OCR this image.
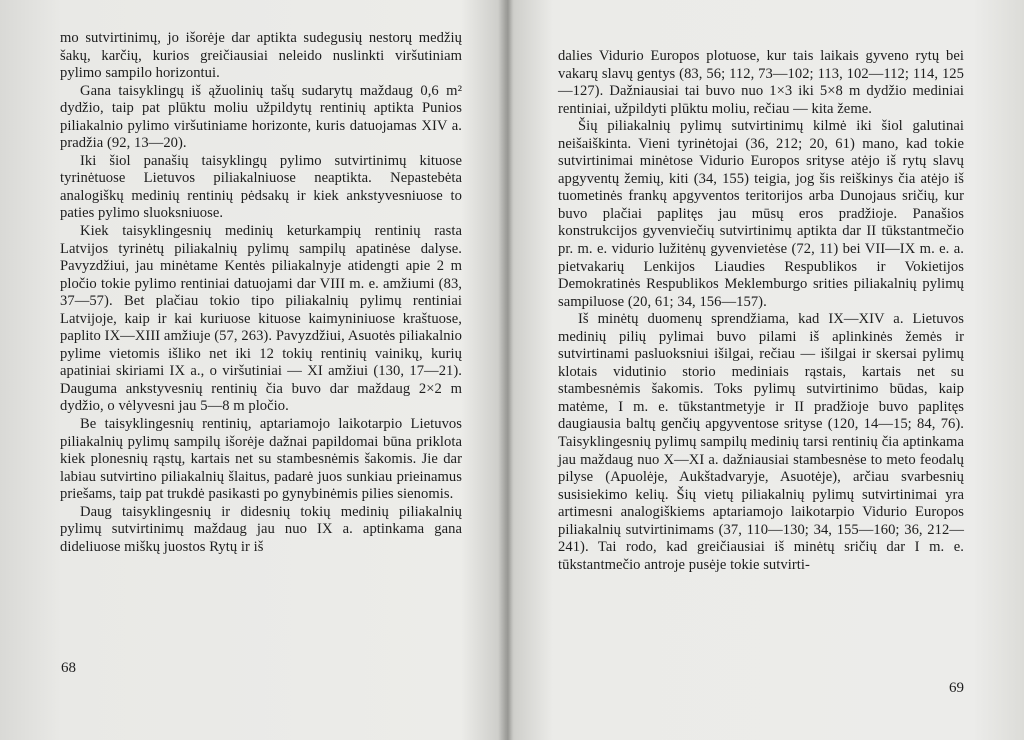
mo sutvirtinimų, jo išorėje dar aptikta sudegusių nestorų medžių šakų, karčių, kurios greičiausiai neleido nuslinkti viršutiniam pylimo sampilo horizontui.

Gana taisyklingų iš ąžuolinių tašų sudarytų maždaug 0,6 m² dydžio, taip pat plūktu moliu užpildytų rentinių aptikta Punios piliakalnio pylimo viršutiniame horizonte, kuris datuojamas XIV a. pradžia (92, 13—20).

Iki šiol panašių taisyklingų pylimo sutvirtinimų kituose tyrinėtuose Lietuvos piliakalniuose neaptikta. Nepastebėta analogiškų medinių rentinių pėdsakų ir kiek ankstyvesniuose to paties pylimo sluoksniuose.

Kiek taisyklingesnių medinių keturkampių rentinių rasta Latvijos tyrinėtų piliakalnių pylimų sampilų apatinėse dalyse. Pavyzdžiui, jau minėtame Kentės piliakalnyje atidengti apie 2 m pločio tokie pylimo rentiniai datuojami dar VIII m. e. amžiumi (83, 37—57). Bet plačiau tokio tipo piliakalnių pylimų rentiniai Latvijoje, kaip ir kai kuriuose kituose kaimyniniuose kraštuose, paplito IX—XIII amžiuje (57, 263). Pavyzdžiui, Asuotės piliakalnio pylime vietomis išliko net iki 12 tokių rentinių vainikų, kurių apatiniai skiriami IX a., o viršutiniai — XI amžiui (130, 17—21). Dauguma ankstyvesnių rentinių čia buvo dar maždaug 2×2 m dydžio, o vėlyvesni jau 5—8 m pločio.

Be taisyklingesnių rentinių, aptariamojo laikotarpio Lietuvos piliakalnių pylimų sampilų išorėje dažnai papildomai būna priklota kiek plonesnių rąstų, kartais net su stambesnėmis šakomis. Jie dar labiau sutvirtino piliakalnių šlaitus, padarė juos sunkiau prieinamus priešams, taip pat trukdė pasikasti po gynybinėmis pilies sienomis.

Daug taisyklingesnių ir didesnių tokių medinių piliakalnių pylimų sutvirtinimų maždaug jau nuo IX a. aptinkama gana dideliuose miškų juostos Rytų ir iš

68

dalies Vidurio Europos plotuose, kur tais laikais gyveno rytų bei vakarų slavų gentys (83, 56; 112, 73—102; 113, 102—112; 114, 125—127). Dažniausiai tai buvo nuo 1×3 iki 5×8 m dydžio mediniai rentiniai, užpildyti plūktu moliu, rečiau — kita žeme.

Šių piliakalnių pylimų sutvirtinimų kilmė iki šiol galutinai neišaiškinta. Vieni tyrinėtojai (36, 212; 20, 61) mano, kad tokie sutvirtinimai minėtose Vidurio Europos srityse atėjo iš rytų slavų apgyventų žemių, kiti (34, 155) teigia, jog šis reiškinys čia atėjo iš tuometinės frankų apgyventos teritorijos arba Dunojaus sričių, kur buvo plačiai paplitęs jau mūsų eros pradžioje. Panašios konstrukcijos gyvenviečių sutvirtinimų aptikta dar II tūkstantmečio pr. m. e. vidurio lužitėnų gyvenvietėse (72, 11) bei VII—IX m. e. a. pietvakarių Lenkijos Liaudies Respublikos ir Vokietijos Demokratinės Respublikos Meklemburgo srities piliakalnių pylimų sampiluose (20, 61; 34, 156—157).

Iš minėtų duomenų sprendžiama, kad IX—XIV a. Lietuvos medinių pilių pylimai buvo pilami iš aplinkinės žemės ir sutvirtinami pasluoksniui išilgai, rečiau — išilgai ir skersai pylimų klotais vidutinio storio mediniais rąstais, kartais net su stambesnėmis šakomis. Toks pylimų sutvirtinimo būdas, kaip matėme, I m. e. tūkstantmetyje ir II pradžioje buvo paplitęs daugiausia baltų genčių apgyventose srityse (120, 14—15; 84, 76). Taisyklingesnių pylimų sampilų medinių tarsi rentinių čia aptinkama jau maždaug nuo X—XI a. dažniausiai stambesnėse to meto feodalų pilyse (Apuolėje, Aukštadvaryje, Asuotėje), arčiau svarbesnių susisiekimo kelių. Šių vietų piliakalnių pylimų sutvirtinimai yra artimesni analogiškiems aptariamojo laikotarpio Vidurio Europos piliakalnių sutvirtinimams (37, 110—130; 34, 155—160; 36, 212—241). Tai rodo, kad greičiausiai iš minėtų sričių dar I m. e. tūkstantmečio antroje pusėje tokie sutvirti-

69
